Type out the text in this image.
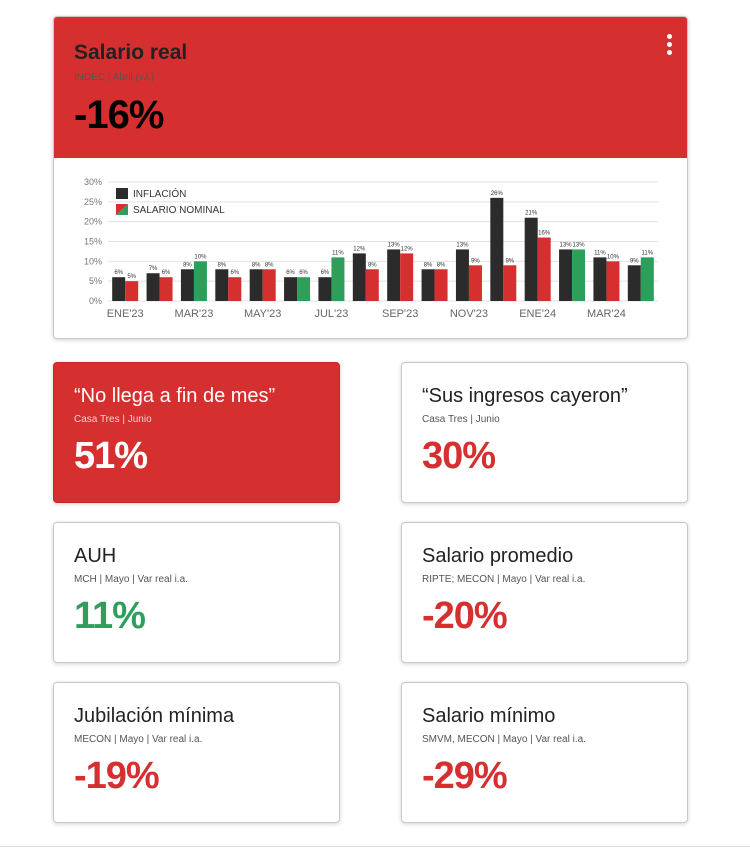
Salario real
INDEC | Abril (v.i.)
-16%
0%
5%
10%
15%
20%
25%
30%
6%
5%
7%
6%
8%
10%
8%
6%
8% 8%
6% 6% 6%
11%
12%
8%
13%
12%
8% 8%
13%
9%
26%
9%
21%
16%
13% 13%
11%
10%
9%
11%
ENE'23	MAR'23	MAY'23	JUL'23	SEP'23	NOV'23	ENE'24	MAR'24
INFLACIÓN
SALARIO NOMINAL
“No llega a fin de mes”
Casa Tres | Junio
51%
“Sus ingresos cayeron”
Casa Tres | Junio
30%
AUH
MCH | Mayo | Var real i.a.
11%
Salario promedio
RIPTE; MECON | Mayo | Var real i.a.
-20%
Jubilación mínima
MECON | Mayo | Var real i.a.
-19%
Salario mínimo
SMVM, MECON | Mayo | Var real i.a.
-29%
